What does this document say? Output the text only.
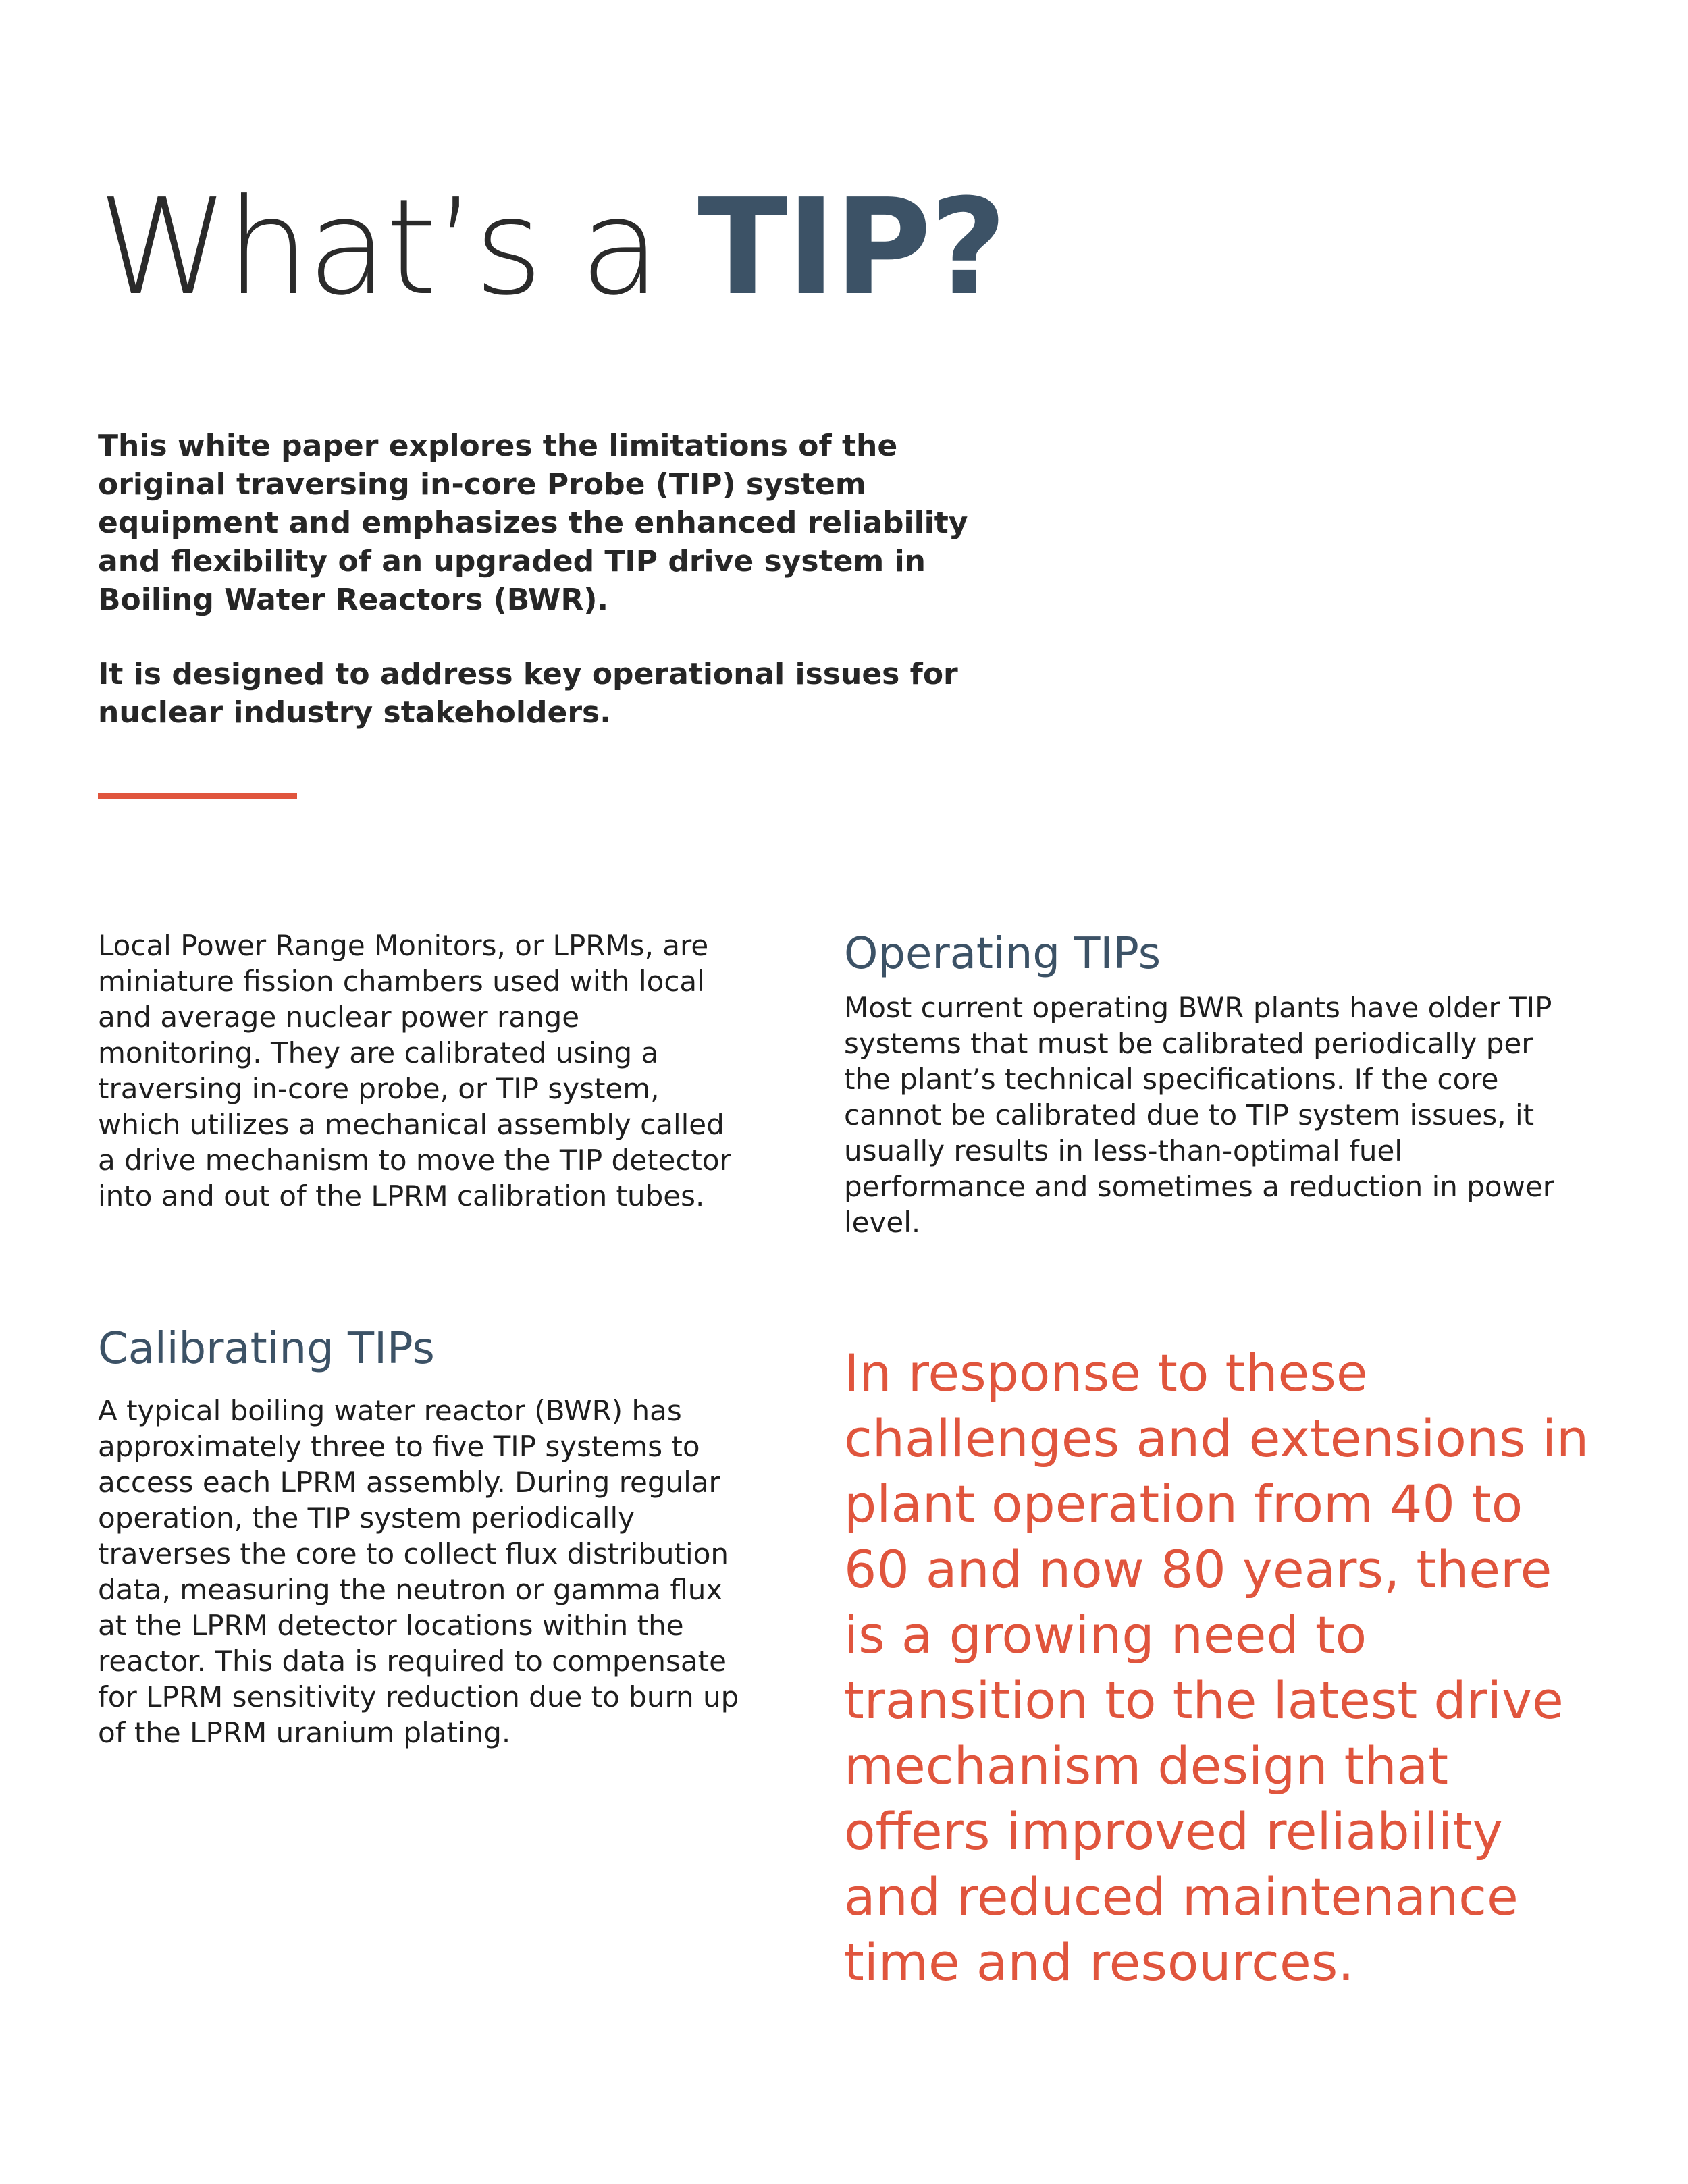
What’s a TIP?

This white paper explores the limitations of the original traversing in-core Probe (TIP) system equipment and emphasizes the enhanced reliability and flexibility of an upgraded TIP drive system in Boiling Water Reactors (BWR).

It is designed to address key operational issues for nuclear industry stakeholders.

Local Power Range Monitors, or LPRMs, are miniature fission chambers used with local and average nuclear power range monitoring. They are calibrated using a traversing in-core probe, or TIP system, which utilizes a mechanical assembly called a drive mechanism to move the TIP detector into and out of the LPRM calibration tubes.

Operating TIPs

Most current operating BWR plants have older TIP systems that must be calibrated periodically per the plant’s technical specifications. If the core cannot be calibrated due to TIP system issues, it usually results in less-than-optimal fuel performance and sometimes a reduction in power level.

Calibrating TIPs

A typical boiling water reactor (BWR) has approximately three to five TIP systems to access each LPRM assembly. During regular operation, the TIP system periodically traverses the core to collect flux distribution data, measuring the neutron or gamma flux at the LPRM detector locations within the reactor. This data is required to compensate for LPRM sensitivity reduction due to burn up of the LPRM uranium plating.

In response to these challenges and extensions in plant operation from 40 to 60 and now 80 years, there is a growing need to transition to the latest drive mechanism design that offers improved reliability and reduced maintenance time and resources.
